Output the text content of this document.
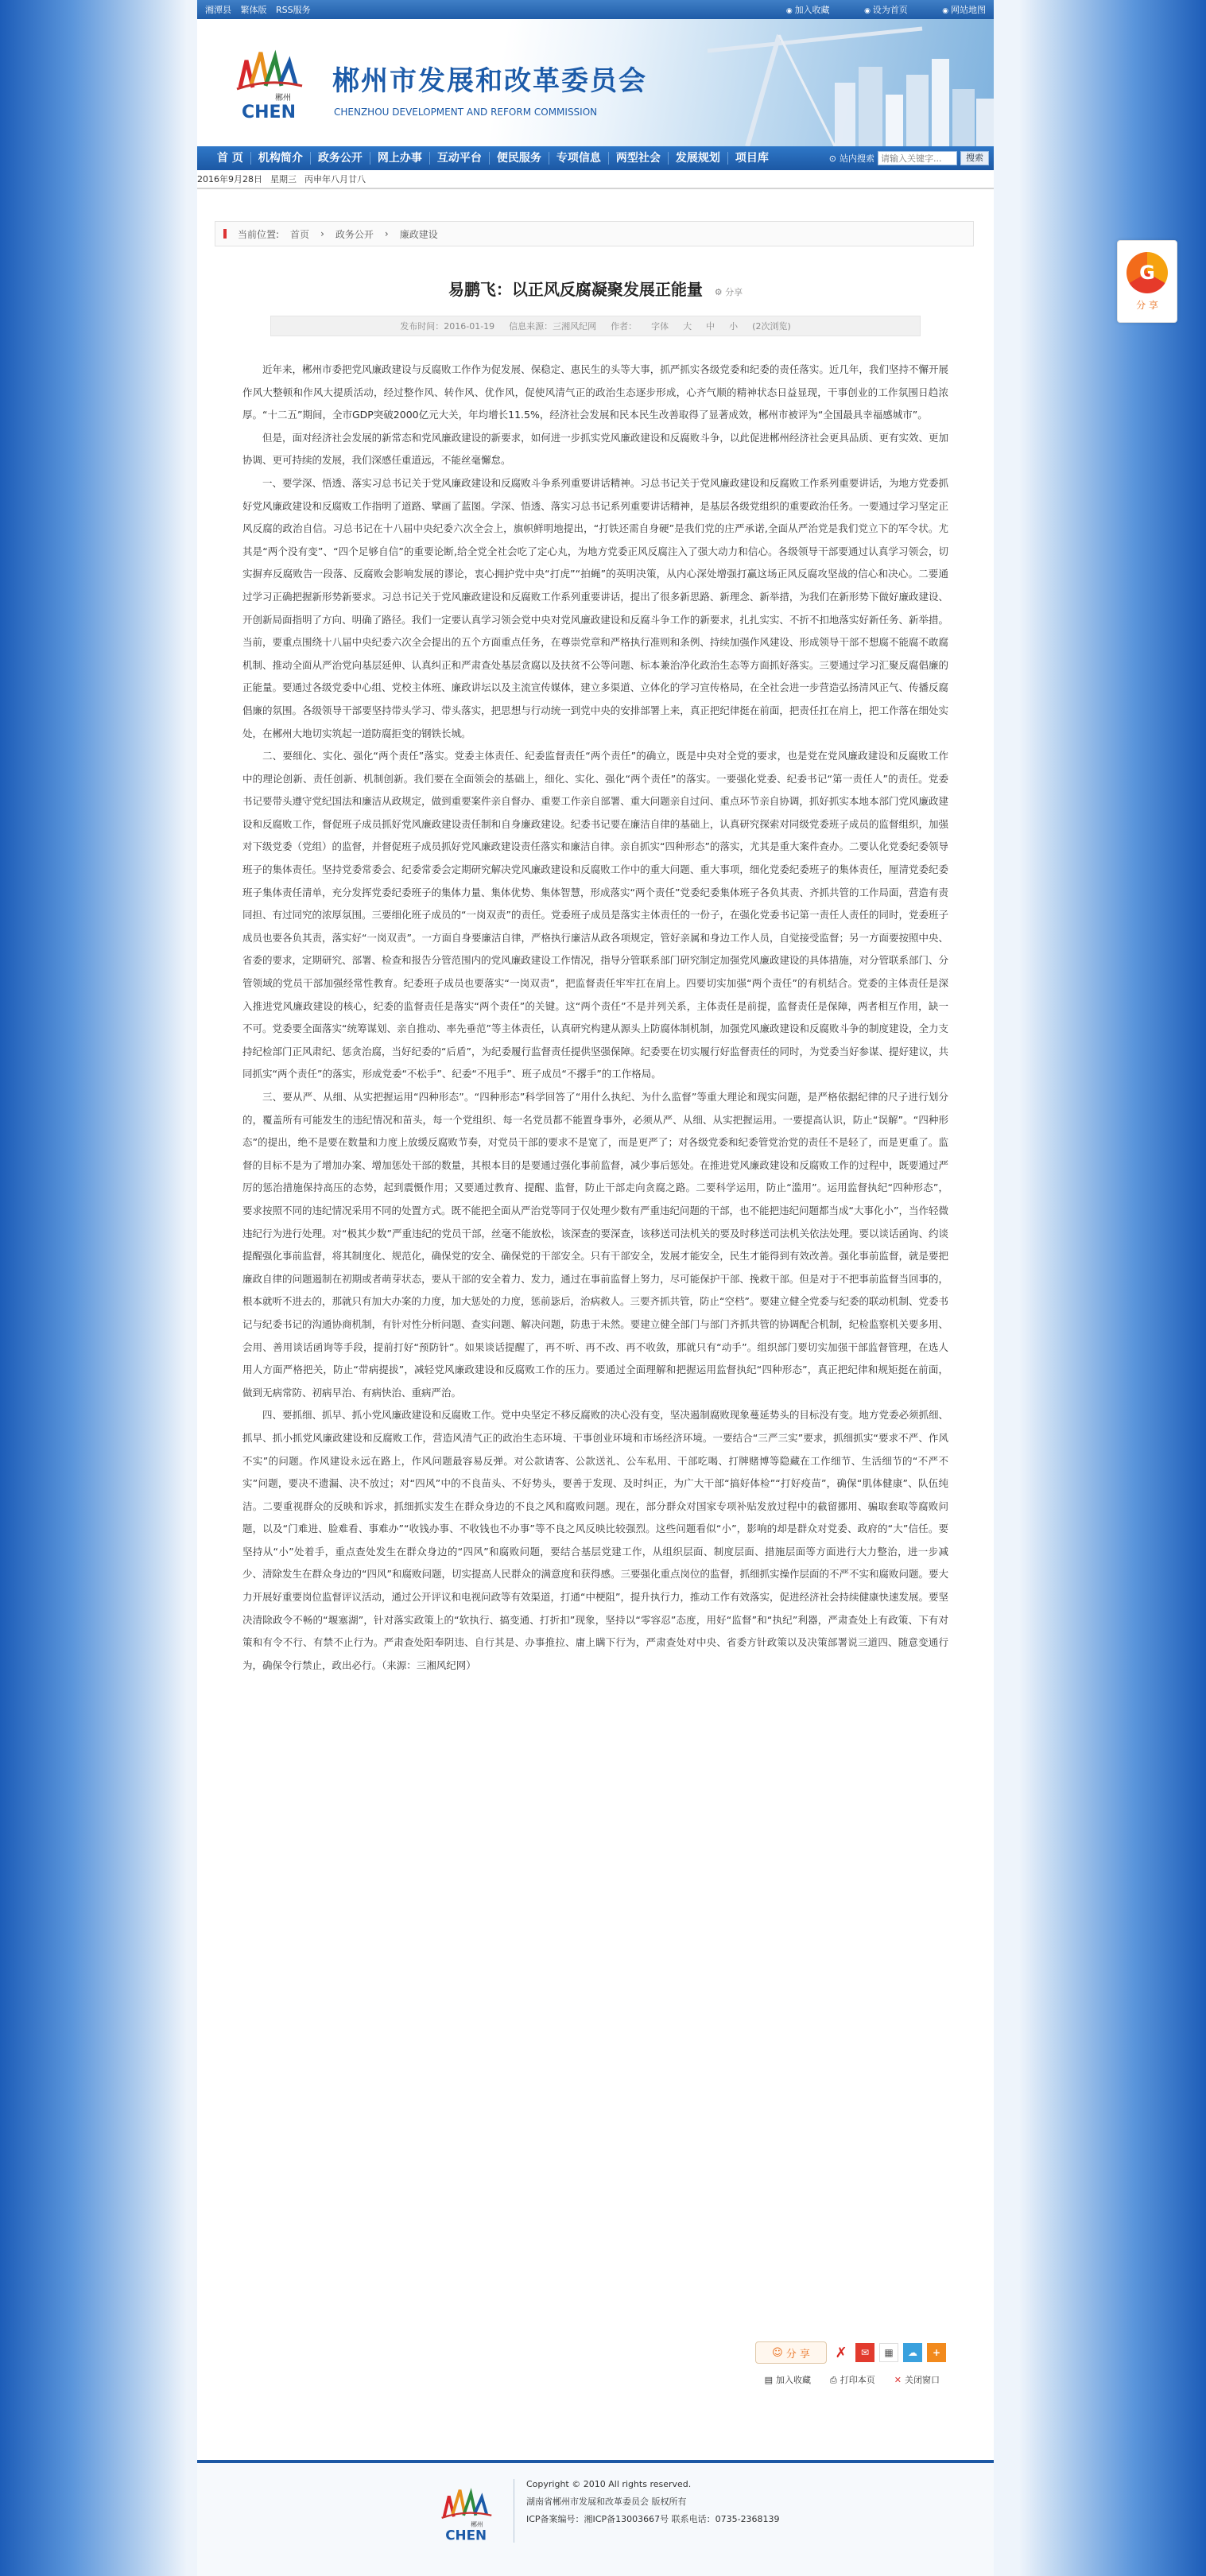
湘潭县 繁体版 RSS服务	◉ 加入收藏	◉ 设为首页	◉ 网站地图
郴州
CHEN
郴州市发展和改革委员会
CHENZHOU DEVELOPMENT AND REFORM COMMISSION
首 页	机构简介	政务公开	网上办事	互动平台	便民服务	专项信息	两型社会	发展规划	项目库	⊙ 站内搜索
请输入关键字...	搜索
2016年9月28日 星期三 丙申年八月廿八
当前位置: 首页 › 政务公开 › 廉政建设
易鹏飞：以正风反腐凝聚发展正能量 ⚙ 分享
发布时间：2016-01-19 信息来源：三湘风纪网 作者： 字体 大 中 小 (2次浏览)

近年来，郴州市委把党风廉政建设与反腐败工作作为促发展、保稳定、惠民生的头等大事，抓严抓实各级党委和纪委的责任落实。近几年，我们坚持不懈开展作风大整顿和作风大提质活动，经过整作风、转作风、优作风，促使风清气正的政治生态逐步形成，心齐气顺的精神状态日益显现，干事创业的工作氛围日趋浓厚。“十二五”期间，全市GDP突破2000亿元大关，年均增长11.5%，经济社会发展和民本民生改善取得了显著成效，郴州市被评为“全国最具幸福感城市”。

但是，面对经济社会发展的新常态和党风廉政建设的新要求，如何进一步抓实党风廉政建设和反腐败斗争，以此促进郴州经济社会更具品质、更有实效、更加协调、更可持续的发展，我们深感任重道远，不能丝毫懈怠。

一、要学深、悟透、落实习总书记关于党风廉政建设和反腐败斗争系列重要讲话精神。习总书记关于党风廉政建设和反腐败工作系列重要讲话，为地方党委抓好党风廉政建设和反腐败工作指明了道路、擘画了蓝图。学深、悟透、落实习总书记系列重要讲话精神，是基层各级党组织的重要政治任务。一要通过学习坚定正风反腐的政治自信。习总书记在十八届中央纪委六次全会上，旗帜鲜明地提出，“打铁还需自身硬”是我们党的庄严承诺,全面从严治党是我们党立下的军令状。尤其是“两个没有变”、“四个足够自信”的重要论断,给全党全社会吃了定心丸，为地方党委正风反腐注入了强大动力和信心。各级领导干部要通过认真学习领会，切实摒弃反腐败告一段落、反腐败会影响发展的谬论，衷心拥护党中央“打虎”“拍蝇”的英明决策，从内心深处增强打赢这场正风反腐攻坚战的信心和决心。二要通过学习正确把握新形势新要求。习总书记关于党风廉政建设和反腐败工作系列重要讲话，提出了很多新思路、新理念、新举措，为我们在新形势下做好廉政建设、开创新局面指明了方向、明确了路径。我们一定要认真学习领会党中央对党风廉政建设和反腐斗争工作的新要求，扎扎实实、不折不扣地落实好新任务、新举措。当前，要重点围绕十八届中央纪委六次全会提出的五个方面重点任务，在尊崇党章和严格执行准则和条例、持续加强作风建设、形成领导干部不想腐不能腐不敢腐机制、推动全面从严治党向基层延伸、认真纠正和严肃查处基层贪腐以及扶贫不公等问题、标本兼治净化政治生态等方面抓好落实。三要通过学习汇聚反腐倡廉的正能量。要通过各级党委中心组、党校主体班、廉政讲坛以及主流宣传媒体，建立多渠道、立体化的学习宣传格局，在全社会进一步营造弘扬清风正气、传播反腐倡廉的氛围。各级领导干部要坚持带头学习、带头落实，把思想与行动统一到党中央的安排部署上来，真正把纪律挺在前面，把责任扛在肩上，把工作落在细处实处，在郴州大地切实筑起一道防腐拒变的钢铁长城。

二、要细化、实化、强化“两个责任”落实。党委主体责任、纪委监督责任“两个责任”的确立，既是中央对全党的要求，也是党在党风廉政建设和反腐败工作中的理论创新、责任创新、机制创新。我们要在全面领会的基础上，细化、实化、强化“两个责任”的落实。一要强化党委、纪委书记“第一责任人”的责任。党委书记要带头遵守党纪国法和廉洁从政规定，做到重要案件亲自督办、重要工作亲自部署、重大问题亲自过问、重点环节亲自协调，抓好抓实本地本部门党风廉政建设和反腐败工作，督促班子成员抓好党风廉政建设责任制和自身廉政建设。纪委书记要在廉洁自律的基础上，认真研究探索对同级党委班子成员的监督组织，加强对下级党委（党组）的监督，并督促班子成员抓好党风廉政建设责任落实和廉洁自律。亲自抓实“四种形态”的落实，尤其是重大案件查办。二要认化党委纪委领导班子的集体责任。坚持党委常委会、纪委常委会定期研究解决党风廉政建设和反腐败工作中的重大问题、重大事项，细化党委纪委班子的集体责任，厘清党委纪委班子集体责任清单，充分发挥党委纪委班子的集体力量、集体优势、集体智慧，形成落实“两个责任”党委纪委集体班子各负其责、齐抓共管的工作局面，营造有责同担、有过同究的浓厚氛围。三要细化班子成员的“一岗双责”的责任。党委班子成员是落实主体责任的一份子，在强化党委书记第一责任人责任的同时，党委班子成员也要各负其责，落实好“一岗双责”。一方面自身要廉洁自律，严格执行廉洁从政各项规定，管好亲属和身边工作人员，自觉接受监督；另一方面要按照中央、省委的要求，定期研究、部署、检查和报告分管范围内的党风廉政建设工作情况，指导分管联系部门研究制定加强党风廉政建设的具体措施，对分管联系部门、分管领域的党员干部加强经常性教育。纪委班子成员也要落实“一岗双责”，把监督责任牢牢扛在肩上。四要切实加强“两个责任”的有机结合。党委的主体责任是深入推进党风廉政建设的核心，纪委的监督责任是落实“两个责任”的关键。这“两个责任”不是并列关系，主体责任是前提，监督责任是保障，两者相互作用，缺一不可。党委要全面落实“统筹谋划、亲自推动、率先垂范”等主体责任，认真研究构建从源头上防腐体制机制，加强党风廉政建设和反腐败斗争的制度建设，全力支持纪检部门正风肃纪、惩贪治腐，当好纪委的“后盾”，为纪委履行监督责任提供坚强保障。纪委要在切实履行好监督责任的同时，为党委当好参谋、提好建议，共同抓实“两个责任”的落实，形成党委“不松手”、纪委“不甩手”、班子成员“不撂手”的工作格局。

三、要从严、从细、从实把握运用“四种形态”。“四种形态”科学回答了“用什么执纪、为什么监督”等重大理论和现实问题，是严格依据纪律的尺子进行划分的，覆盖所有可能发生的违纪情况和苗头，每一个党组织、每一名党员都不能置身事外，必须从严、从细、从实把握运用。一要提高认识，防止“误解”。“四种形态”的提出，绝不是要在数量和力度上放缓反腐败节奏，对党员干部的要求不是宽了，而是更严了；对各级党委和纪委管党治党的责任不是轻了，而是更重了。监督的目标不是为了增加办案、增加惩处干部的数量，其根本目的是要通过强化事前监督，减少事后惩处。在推进党风廉政建设和反腐败工作的过程中，既要通过严厉的惩治措施保持高压的态势，起到震慑作用；又要通过教育、提醒、监督，防止干部走向贪腐之路。二要科学运用，防止“滥用”。运用监督执纪“四种形态”，要求按照不同的违纪情况采用不同的处置方式。既不能把全面从严治党等同于仅处理少数有严重违纪问题的干部，也不能把违纪问题都当成“大事化小”，当作轻微违纪行为进行处理。对“极其少数”严重违纪的党员干部，丝毫不能放松，该深查的要深查，该移送司法机关的要及时移送司法机关依法处理。要以谈话函询、约谈提醒强化事前监督，将其制度化、规范化，确保党的安全、确保党的干部安全。只有干部安全，发展才能安全，民生才能得到有效改善。强化事前监督，就是要把廉政自律的问题遏制在初期或者萌芽状态，要从干部的安全着力、发力，通过在事前监督上努力，尽可能保护干部、挽救干部。但是对于不把事前监督当回事的，根本就听不进去的，那就只有加大办案的力度，加大惩处的力度，惩前毖后，治病救人。三要齐抓共管，防止“空档”。要建立健全党委与纪委的联动机制、党委书记与纪委书记的沟通协商机制，有针对性分析问题、查实问题、解决问题，防患于未然。要建立健全部门与部门齐抓共管的协调配合机制，纪检监察机关要多用、会用、善用谈话函询等手段，提前打好“预防针”。如果谈话提醒了，再不听、再不改、再不收敛，那就只有“动手”。组织部门要切实加强干部监督管理，在选人用人方面严格把关，防止“带病提拔”，减轻党风廉政建设和反腐败工作的压力。要通过全面理解和把握运用监督执纪“四种形态”，真正把纪律和规矩挺在前面，做到无病常防、初病早治、有病快治、重病严治。

四、要抓细、抓早、抓小党风廉政建设和反腐败工作。党中央坚定不移反腐败的决心没有变，坚决遏制腐败现象蔓延势头的目标没有变。地方党委必须抓细、抓早、抓小抓党风廉政建设和反腐败工作，营造风清气正的政治生态环境、干事创业环境和市场经济环境。一要结合“三严三实”要求，抓细抓实“要求不严、作风不实”的问题。作风建设永远在路上，作风问题最容易反弹。对公款请客、公款送礼、公车私用、干部吃喝、打牌赌博等隐藏在工作细节、生活细节的“不严不实”问题，要决不遗漏、决不放过；对“四风”中的不良苗头、不好势头，要善于发现、及时纠正，为广大干部“搞好体检”“打好疫苗”，确保“肌体健康”、队伍纯洁。二要重视群众的反映和诉求，抓细抓实发生在群众身边的不良之风和腐败问题。现在，部分群众对国家专项补贴发放过程中的截留挪用、骗取套取等腐败问题，以及“门难进、脸难看、事难办”“收钱办事、不收钱也不办事”等不良之风反映比较强烈。这些问题看似“小”，影响的却是群众对党委、政府的“大”信任。要坚持从“小”处着手，重点查处发生在群众身边的“四风”和腐败问题，要结合基层党建工作，从组织层面、制度层面、措施层面等方面进行大力整治，进一步减少、清除发生在群众身边的“四风”和腐败问题，切实提高人民群众的满意度和获得感。三要强化重点岗位的监督，抓细抓实操作层面的不严不实和腐败问题。要大力开展好重要岗位监督评议活动，通过公开评议和电视问政等有效渠道，打通“中梗阻”，提升执行力，推动工作有效落实，促进经济社会持续健康快速发展。要坚决清除政令不畅的“堰塞湖”，针对落实政策上的“软执行、搞变通、打折扣”现象，坚持以“零容忍”态度，用好“监督”和“执纪”利器，严肃查处上有政策、下有对策和有令不行、有禁不止行为。严肃查处阳奉阴违、自行其是、办事推拉、庸上瞒下行为，严肃查处对中央、省委方针政策以及决策部署说三道四、随意变通行为，确保令行禁止，政出必行。（来源：三湘风纪网）

☺ 分 享 ✗	✉	▦	☁	+
▤ 加入收藏 ⎙ 打印本页 ✕ 关闭窗口
郴州
CHEN
Copyright © 2010 All rights reserved.
湖南省郴州市发展和改革委员会 版权所有
ICP备案编号：湘ICP备13003667号 联系电话：0735-2368139
G
分 享
